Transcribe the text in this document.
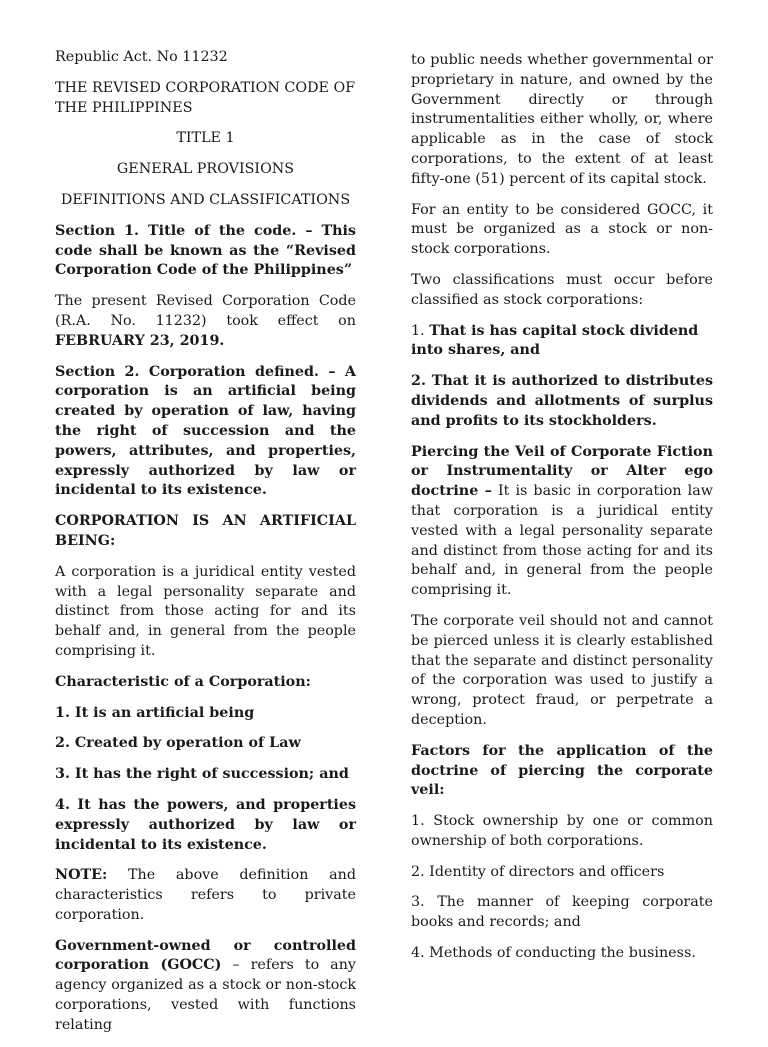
Republic Act. No 11232

THE REVISED CORPORATION CODE OF THE PHILIPPINES

TITLE 1

GENERAL PROVISIONS

DEFINITIONS AND CLASSIFICATIONS

Section 1. Title of the code. – This code shall be known as the “Revised Corporation Code of the Philippines”

The present Revised Corporation Code (R.A. No. 11232) took effect on FEBRUARY 23, 2019.

Section 2. Corporation defined. – A corporation is an artificial being created by operation of law, having the right of succession and the powers, attributes, and properties, expressly authorized by law or incidental to its existence.

CORPORATION IS AN ARTIFICIAL BEING:

A corporation is a juridical entity vested with a legal personality separate and distinct from those acting for and its behalf and, in general from the people comprising it.

Characteristic of a Corporation:

1. It is an artificial being

2. Created by operation of Law

3. It has the right of succession; and

4. It has the powers, and properties expressly authorized by law or incidental to its existence.

NOTE: The above definition and characteristics refers to private corporation.

Government-owned or controlled corporation (GOCC) – refers to any agency organized as a stock or non-stock corporations, vested with functions relating

to public needs whether governmental or proprietary in nature, and owned by the Government directly or through instrumentalities either wholly, or, where applicable as in the case of stock corporations, to the extent of at least fifty-one (51) percent of its capital stock.

For an entity to be considered GOCC, it must be organized as a stock or non-stock corporations.

Two classifications must occur before classified as stock corporations:

1. That is has capital stock dividend into shares, and

2. That it is authorized to distributes dividends and allotments of surplus and profits to its stockholders.

Piercing the Veil of Corporate Fiction or Instrumentality or Alter ego doctrine – It is basic in corporation law that corporation is a juridical entity vested with a legal personality separate and distinct from those acting for and its behalf and, in general from the people comprising it.

The corporate veil should not and cannot be pierced unless it is clearly established that the separate and distinct personality of the corporation was used to justify a wrong, protect fraud, or perpetrate a deception.

Factors for the application of the doctrine of piercing the corporate veil:

1. Stock ownership by one or common ownership of both corporations.

2. Identity of directors and officers

3. The manner of keeping corporate books and records; and

4. Methods of conducting the business.
